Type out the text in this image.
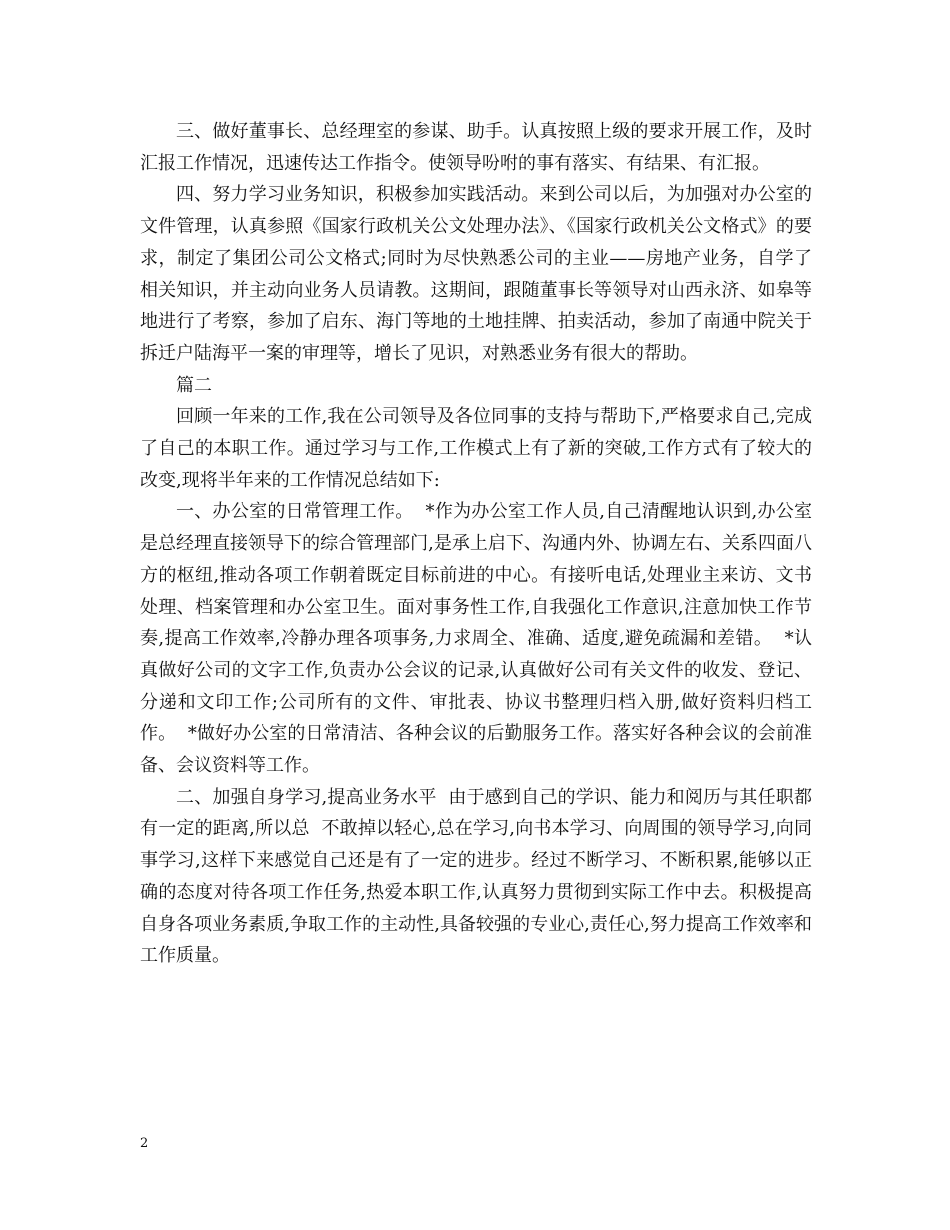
三、做好董事长、总经理室的参谋、助手。认真按照上级的要求开展工作，及时汇报工作情况，迅速传达工作指令。使领导吩咐的事有落实、有结果、有汇报。

四、努力学习业务知识，积极参加实践活动。来到公司以后，为加强对办公室的文件管理，认真参照《国家行政机关公文处理办法》、《国家行政机关公文格式》的要求，制定了集团公司公文格式;同时为尽快熟悉公司的主业——房地产业务，自学了相关知识，并主动向业务人员请教。这期间，跟随董事长等领导对山西永济、如皋等地进行了考察，参加了启东、海门等地的土地挂牌、拍卖活动，参加了南通中院关于拆迁户陆海平一案的审理等，增长了见识，对熟悉业务有很大的帮助。

篇二

回顾一年来的工作,我在公司领导及各位同事的支持与帮助下,严格要求自己,完成了自己的本职工作。通过学习与工作,工作模式上有了新的突破,工作方式有了较大的改变,现将半年来的工作情况总结如下:

一、办公室的日常管理工作。  *作为办公室工作人员,自己清醒地认识到,办公室是总经理直接领导下的综合管理部门,是承上启下、沟通内外、协调左右、关系四面八方的枢纽,推动各项工作朝着既定目标前进的中心。有接听电话,处理业主来访、文书处理、档案管理和办公室卫生。面对事务性工作,自我强化工作意识,注意加快工作节奏,提高工作效率,冷静办理各项事务,力求周全、准确、适度,避免疏漏和差错。  *认真做好公司的文字工作,负责办公会议的记录,认真做好公司有关文件的收发、登记、分递和文印工作;公司所有的文件、审批表、协议书整理归档入册,做好资料归档工作。  *做好办公室的日常清洁、各种会议的后勤服务工作。落实好各种会议的会前准备、会议资料等工作。

二、加强自身学习,提高业务水平  由于感到自己的学识、能力和阅历与其任职都有一定的距离,所以总  不敢掉以轻心,总在学习,向书本学习、向周围的领导学习,向同事学习,这样下来感觉自己还是有了一定的进步。经过不断学习、不断积累,能够以正确的态度对待各项工作任务,热爱本职工作,认真努力贯彻到实际工作中去。积极提高自身各项业务素质,争取工作的主动性,具备较强的专业心,责任心,努力提高工作效率和工作质量。

2
